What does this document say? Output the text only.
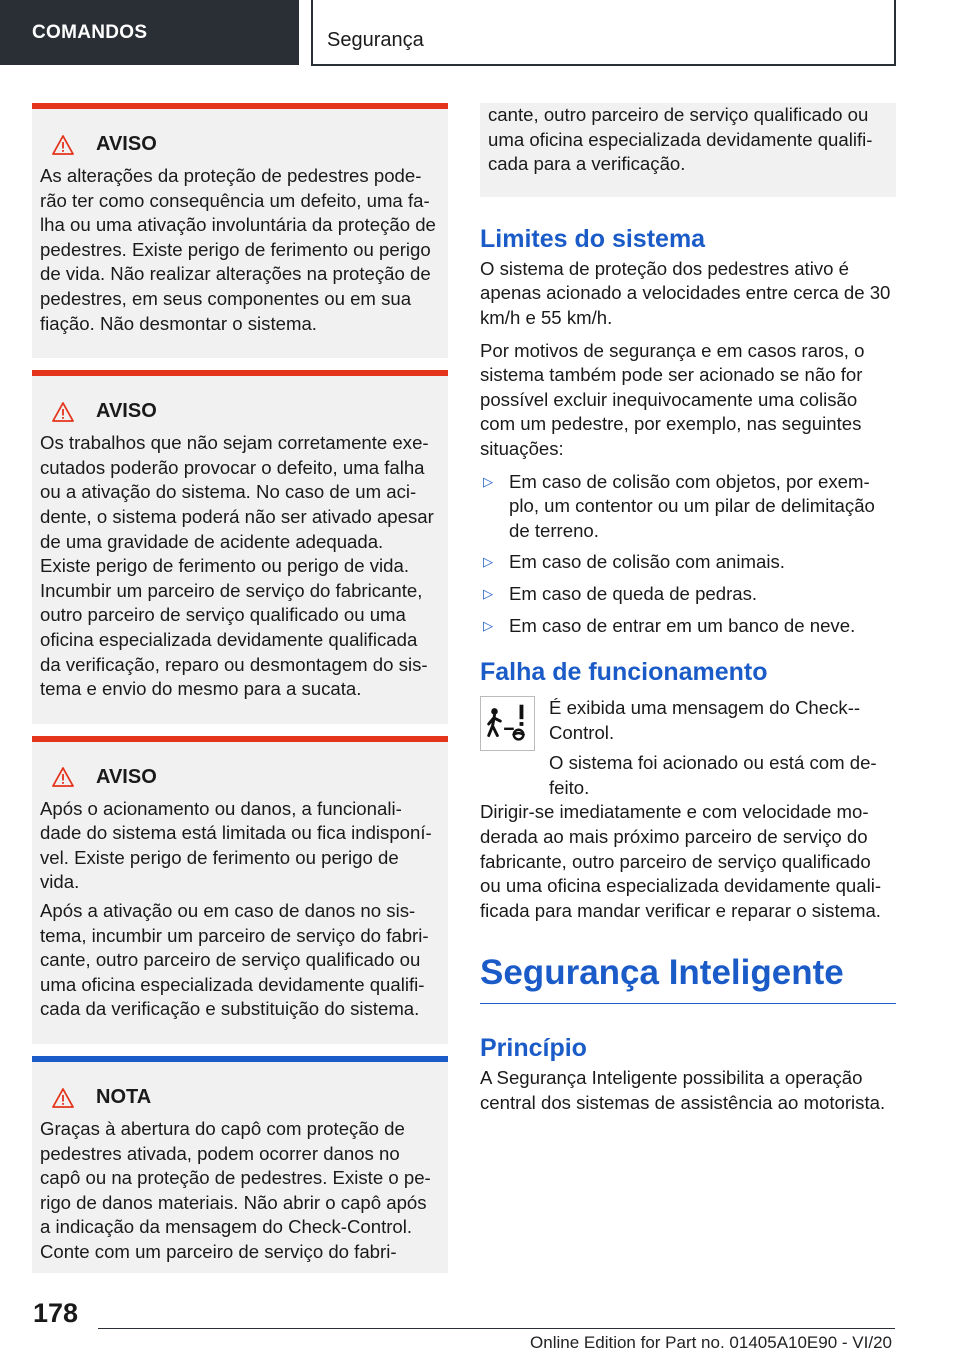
COMANDOS	Segurança
AVISO

As alterações da proteção de pedestres pode-rão ter como consequência um defeito, uma fa-lha ou uma ativação involuntária da proteção de pedestres. Existe perigo de ferimento ou perigo de vida. Não realizar alterações na proteção de pedestres, em seus componentes ou em sua fiação. Não desmontar o sistema.

AVISO

Os trabalhos que não sejam corretamente exe-cutados poderão provocar o defeito, uma falha ou a ativação do sistema. No caso de um aci-dente, o sistema poderá não ser ativado apesar de uma gravidade de acidente adequada. Existe perigo de ferimento ou perigo de vida. Incumbir um parceiro de serviço do fabricante, outro parceiro de serviço qualificado ou uma oficina especializada devidamente qualificada da verificação, reparo ou desmontagem do sis-tema e envio do mesmo para a sucata.

AVISO

Após o acionamento ou danos, a funcionali-dade do sistema está limitada ou fica indisponí-vel. Existe perigo de ferimento ou perigo de vida.

Após a ativação ou em caso de danos no sis-tema, incumbir um parceiro de serviço do fabri-cante, outro parceiro de serviço qualificado ou uma oficina especializada devidamente qualifi-cada da verificação e substituição do sistema.

NOTA

Graças à abertura do capô com proteção de pedestres ativada, podem ocorrer danos no capô ou na proteção de pedestres. Existe o pe-rigo de danos materiais. Não abrir o capô após a indicação da mensagem do Check-Control. Conte com um parceiro de serviço do fabri-

cante, outro parceiro de serviço qualificado ou uma oficina especializada devidamente qualifi-cada para a verificação.

Limites do sistema

O sistema de proteção dos pedestres ativo é apenas acionado a velocidades entre cerca de 30 km/h e 55 km/h.

Por motivos de segurança e em casos raros, o sistema também pode ser acionado se não for possível excluir inequivocamente uma colisão com um pedestre, por exemplo, nas seguintes situações:

▷ Em caso de colisão com objetos, por exem-plo, um contentor ou um pilar de delimitação de terreno.
▷ Em caso de colisão com animais.
▷ Em caso de queda de pedras.
▷ Em caso de entrar em um banco de neve.
Falha de funcionamento

É exibida uma mensagem do Check--Control.

O sistema foi acionado ou está com de-feito.

Dirigir-se imediatamente e com velocidade mo-derada ao mais próximo parceiro de serviço do fabricante, outro parceiro de serviço qualificado ou uma oficina especializada devidamente quali-ficada para mandar verificar e reparar o sistema.

Segurança Inteligente
Princípio

A Segurança Inteligente possibilita a operação central dos sistemas de assistência ao motorista.

178
Online Edition for Part no. 01405A10E90 - VI/20
